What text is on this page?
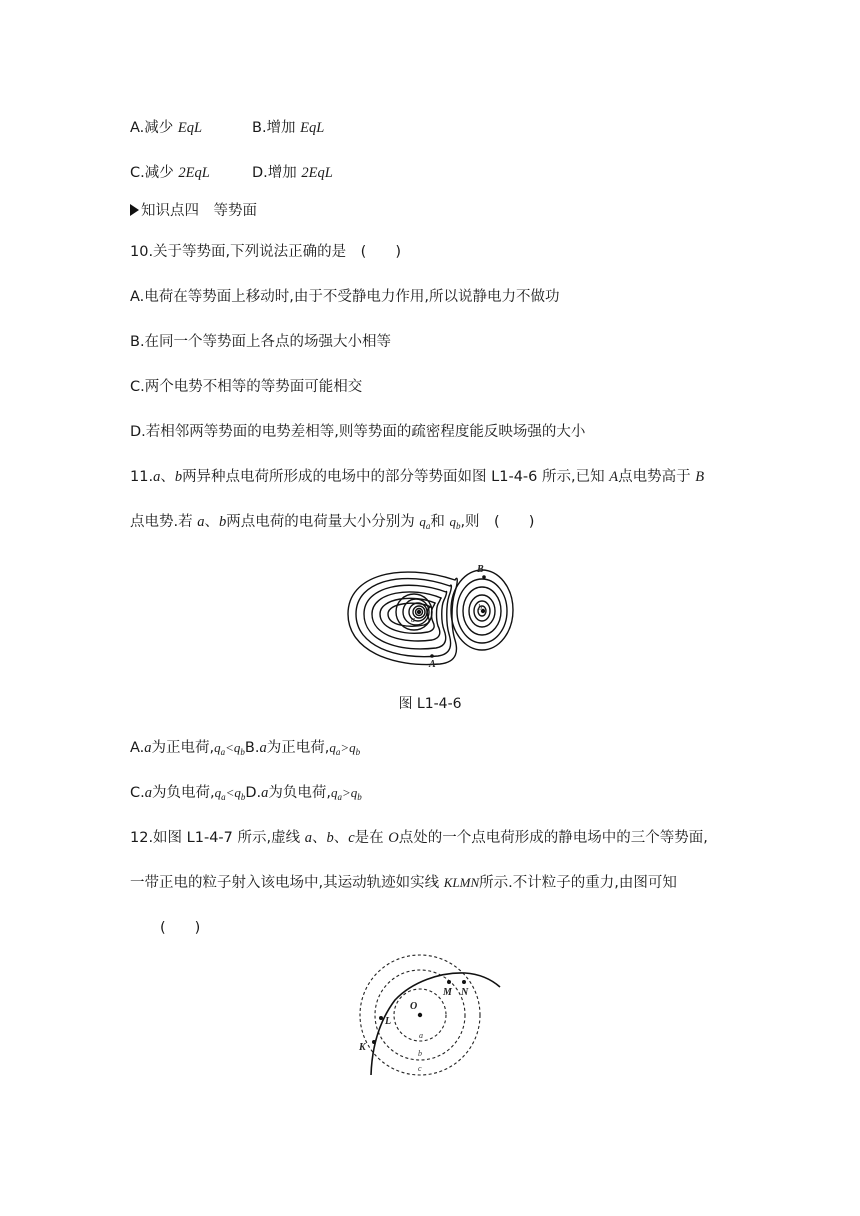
A.减少 EqL	B.增加 EqL
C.减少 2EqL	D.增加 2EqL
知识点四　等势面
10.关于等势面,下列说法正确的是　(　　)
A.电荷在等势面上移动时,由于不受静电力作用,所以说静电力不做功
B.在同一个等势面上各点的场强大小相等
C.两个电势不相等的等势面可能相交
D.若相邻两等势面的电势差相等,则等势面的疏密程度能反映场强的大小
11.a、b两异种点电荷所形成的电场中的部分等势面如图 L1-4-6 所示,已知 A点电势高于 B
点电势.若 a、b两点电荷的电荷量大小分别为 $q_a$和 $q_b$,则　(　　)
a
b
A
B
图 L1-4-6
A.a为正电荷$,q_a<q_bB.a$为正电荷$,q_a>q_b$
C.a为负电荷$,q_a<q_bD.a$为负电荷$,q_a>q_b$
12.如图 L1-4-7 所示,虚线 a、b、c是在 O点处的一个点电荷形成的静电场中的三个等势面,
一带正电的粒子射入该电场中,其运动轨迹如实线 KLMN所示.不计粒子的重力,由图可知
(　　)
O
K
L
M N
a
b
c
